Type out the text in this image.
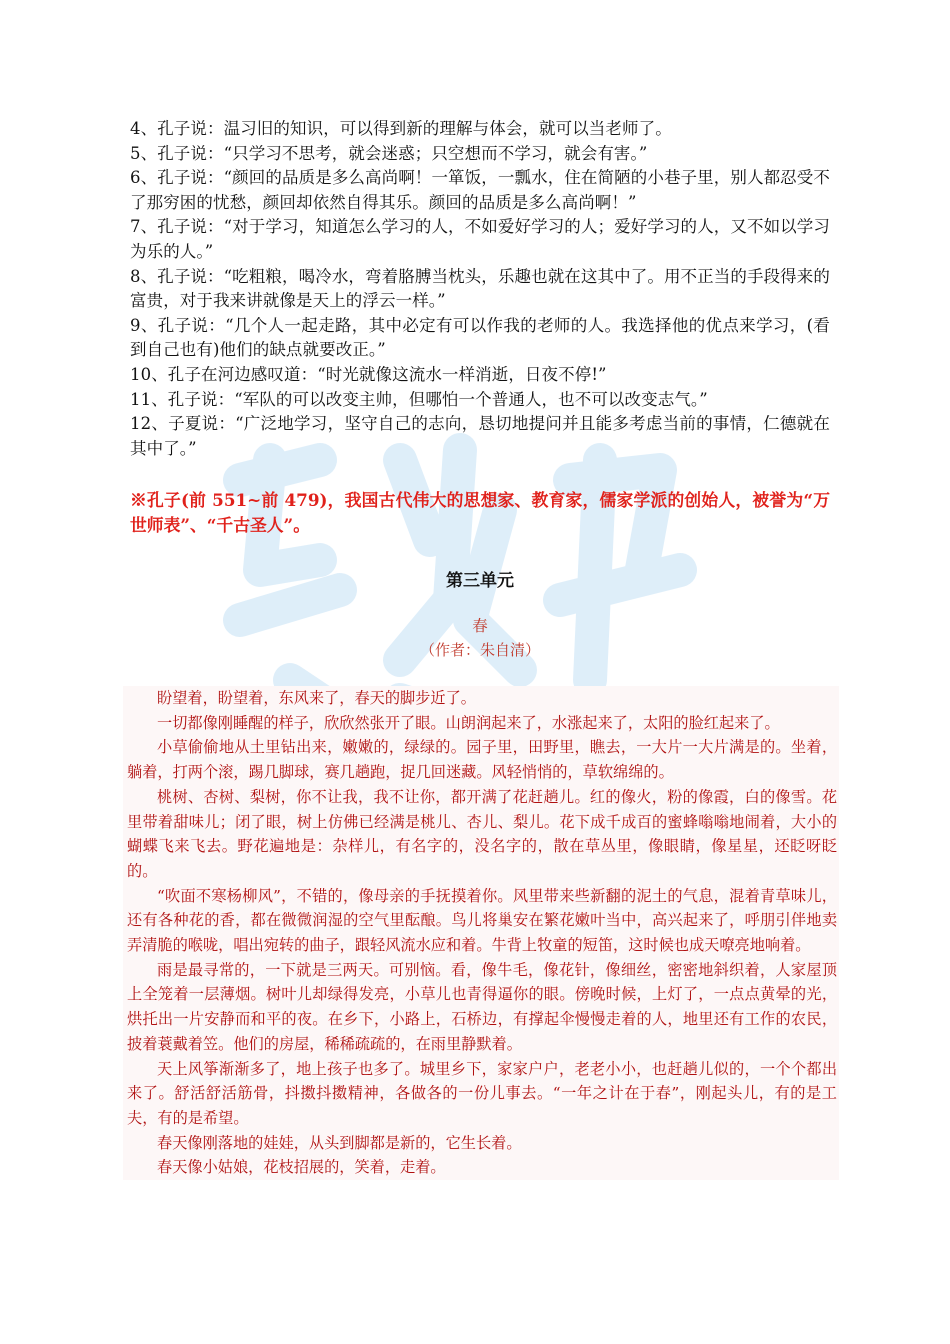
4、孔子说：温习旧的知识，可以得到新的理解与体会，就可以当老师了。

5、孔子说：“只学习不思考，就会迷惑；只空想而不学习，就会有害。”

6、孔子说：“颜回的品质是多么高尚啊！一箪饭，一瓢水，住在简陋的小巷子里，别人都忍受不了那穷困的忧愁，颜回却依然自得其乐。颜回的品质是多么高尚啊！”

7、孔子说：“对于学习，知道怎么学习的人，不如爱好学习的人；爱好学习的人，又不如以学习为乐的人。”

8、孔子说：“吃粗粮，喝冷水，弯着胳膊当枕头，乐趣也就在这其中了。用不正当的手段得来的富贵，对于我来讲就像是天上的浮云一样。”

9、孔子说：“几个人一起走路，其中必定有可以作我的老师的人。我选择他的优点来学习，(看到自己也有)他们的缺点就要改正。”

10、孔子在河边感叹道：“时光就像这流水一样消逝，日夜不停!”

11、孔子说：“军队的可以改变主帅，但哪怕一个普通人，也不可以改变志气。”

12、子夏说：“广泛地学习，坚守自己的志向，恳切地提问并且能多考虑当前的事情，仁德就在其中了。”

※孔子(前 551~前 479)，我国古代伟大的思想家、教育家，儒家学派的创始人，被誉为“万世师表”、“千古圣人”。
第三单元
春
（作者：朱自清）

盼望着，盼望着，东风来了，春天的脚步近了。

一切都像刚睡醒的样子，欣欣然张开了眼。山朗润起来了，水涨起来了，太阳的脸红起来了。

小草偷偷地从土里钻出来，嫩嫩的，绿绿的。园子里，田野里，瞧去，一大片一大片满是的。坐着，躺着，打两个滚，踢几脚球，赛几趟跑，捉几回迷藏。风轻悄悄的，草软绵绵的。

桃树、杏树、梨树，你不让我，我不让你，都开满了花赶趟儿。红的像火，粉的像霞，白的像雪。花里带着甜味儿；闭了眼，树上仿佛已经满是桃儿、杏儿、梨儿。花下成千成百的蜜蜂嗡嗡地闹着，大小的蝴蝶飞来飞去。野花遍地是：杂样儿，有名字的，没名字的，散在草丛里，像眼睛，像星星，还眨呀眨的。

“吹面不寒杨柳风”，不错的，像母亲的手抚摸着你。风里带来些新翻的泥土的气息，混着青草味儿，还有各种花的香，都在微微润湿的空气里酝酿。鸟儿将巢安在繁花嫩叶当中，高兴起来了，呼朋引伴地卖弄清脆的喉咙，唱出宛转的曲子，跟轻风流水应和着。牛背上牧童的短笛，这时候也成天嘹亮地响着。

雨是最寻常的，一下就是三两天。可别恼。看，像牛毛，像花针，像细丝，密密地斜织着，人家屋顶上全笼着一层薄烟。树叶儿却绿得发亮，小草儿也青得逼你的眼。傍晚时候，上灯了，一点点黄晕的光，烘托出一片安静而和平的夜。在乡下，小路上，石桥边，有撑起伞慢慢走着的人，地里还有工作的农民，披着蓑戴着笠。他们的房屋，稀稀疏疏的，在雨里静默着。

天上风筝渐渐多了，地上孩子也多了。城里乡下，家家户户，老老小小，也赶趟儿似的，一个个都出来了。舒活舒活筋骨，抖擞抖擞精神，各做各的一份儿事去。“一年之计在于春”，刚起头儿，有的是工夫，有的是希望。

春天像刚落地的娃娃，从头到脚都是新的，它生长着。

春天像小姑娘，花枝招展的，笑着，走着。
